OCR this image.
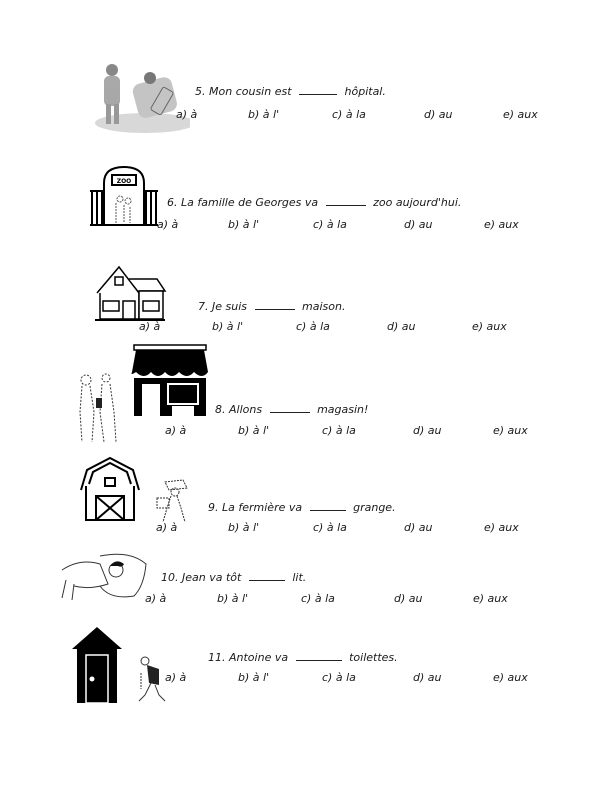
5. Mon cousin est	hôpital.
a) à	b) à l'	c) à la	d) au	e) aux
ZOO
6. La famille de Georges va	zoo aujourd'hui.
a) à	b) à l'	c) à la	d) au	e) aux
7. Je suis	maison.
a) à	b) à l'	c) à la	d) au	e) aux
8. Allons	magasin!
a) à	b) à l'	c) à la	d) au	e) aux
9. La fermière va	grange.
a) à	b) à l'	c) à la	d) au	e) aux
10. Jean va tôt	lit.
a) à	b) à l'	c) à la	d) au	e) aux
11. Antoine va	toilettes.
a) à	b) à l'	c) à la	d) au	e) aux
